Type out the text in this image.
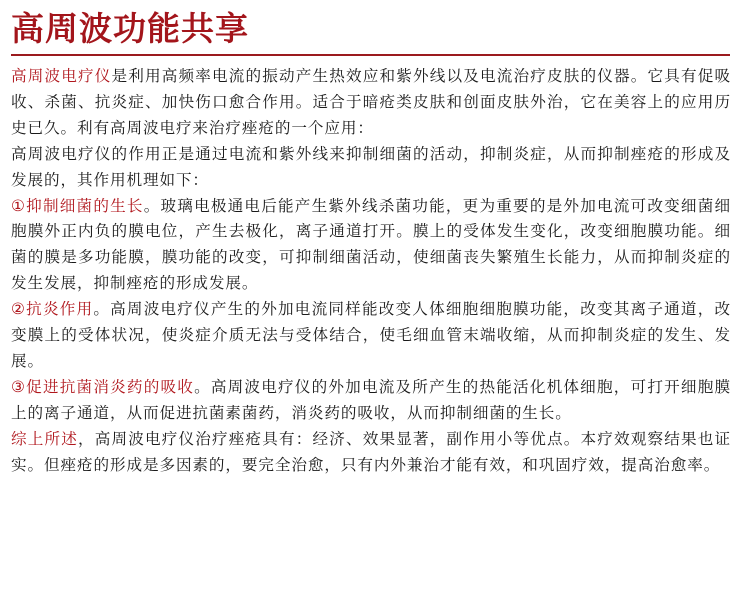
高周波功能共享

高周波电疗仪是利用高频率电流的振动产生热效应和紫外线以及电流治疗皮肤的仪器。它具有促吸收、杀菌、抗炎症、加快伤口愈合作用。适合于暗疮类皮肤和创面皮肤外治，它在美容上的应用历史已久。利有高周波电疗来治疗痤疮的一个应用：

高周波电疗仪的作用正是通过电流和紫外线来抑制细菌的活动，抑制炎症，从而抑制痤疮的形成及发展的，其作用机理如下：

①抑制细菌的生长。玻璃电极通电后能产生紫外线杀菌功能，更为重要的是外加电流可改变细菌细胞膜外正内负的膜电位，产生去极化，离子通道打开。膜上的受体发生变化，改变细胞膜功能。细菌的膜是多功能膜，膜功能的改变，可抑制细菌活动，使细菌丧失繁殖生长能力，从而抑制炎症的发生发展，抑制痤疮的形成发展。

②抗炎作用。高周波电疗仪产生的外加电流同样能改变人体细胞细胞膜功能，改变其离子通道，改变膜上的受体状况，使炎症介质无法与受体结合，使毛细血管末端收缩，从而抑制炎症的发生、发展。

③促进抗菌消炎药的吸收。高周波电疗仪的外加电流及所产生的热能活化机体细胞，可打开细胞膜上的离子通道，从而促进抗菌素菌药，消炎药的吸收，从而抑制细菌的生长。

综上所述，高周波电疗仪治疗痤疮具有：经济、效果显著，副作用小等优点。本疗效观察结果也证实。但痤疮的形成是多因素的，要完全治愈，只有内外兼治才能有效，和巩固疗效，提高治愈率。
